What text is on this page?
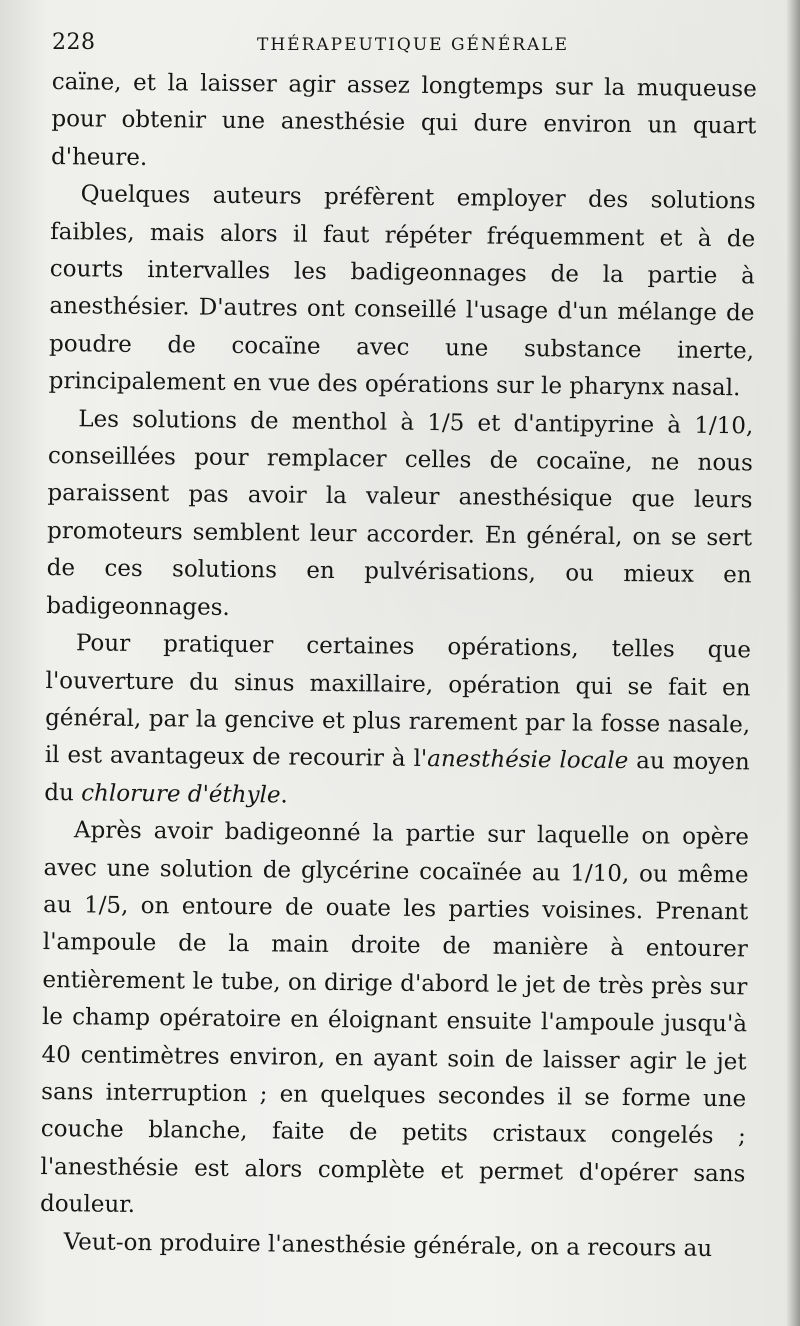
228	THÉRAPEUTIQUE GÉNÉRALE

caïne, et la laisser agir assez longtemps sur la muqueuse pour obtenir une anesthésie qui dure environ un quart d'heure.

Quelques auteurs préfèrent employer des solutions faibles, mais alors il faut répéter fréquemment et à de courts intervalles les badigeonnages de la partie à anesthésier. D'autres ont conseillé l'usage d'un mélange de poudre de cocaïne avec une substance inerte, principalement en vue des opérations sur le pharynx nasal.

Les solutions de menthol à 1/5 et d'antipyrine à 1/10, conseillées pour remplacer celles de cocaïne, ne nous paraissent pas avoir la valeur anesthésique que leurs promoteurs semblent leur accorder. En général, on se sert de ces solutions en pulvérisations, ou mieux en badigeonnages.

Pour pratiquer certaines opérations, telles que l'ouverture du sinus maxillaire, opération qui se fait en général, par la gencive et plus rarement par la fosse nasale, il est avantageux de recourir à l'anesthésie locale au moyen du chlorure d'éthyle.

Après avoir badigeonné la partie sur laquelle on opère avec une solution de glycérine cocaïnée au 1/10, ou même au 1/5, on entoure de ouate les parties voisines. Prenant l'ampoule de la main droite de manière à entourer entièrement le tube, on dirige d'abord le jet de très près sur le champ opératoire en éloignant ensuite l'ampoule jusqu'à 40 centimètres environ, en ayant soin de laisser agir le jet sans interruption ; en quelques secondes il se forme une couche blanche, faite de petits cristaux congelés ; l'anesthésie est alors complète et permet d'opérer sans douleur.

Veut-on produire l'anesthésie générale, on a recours au
